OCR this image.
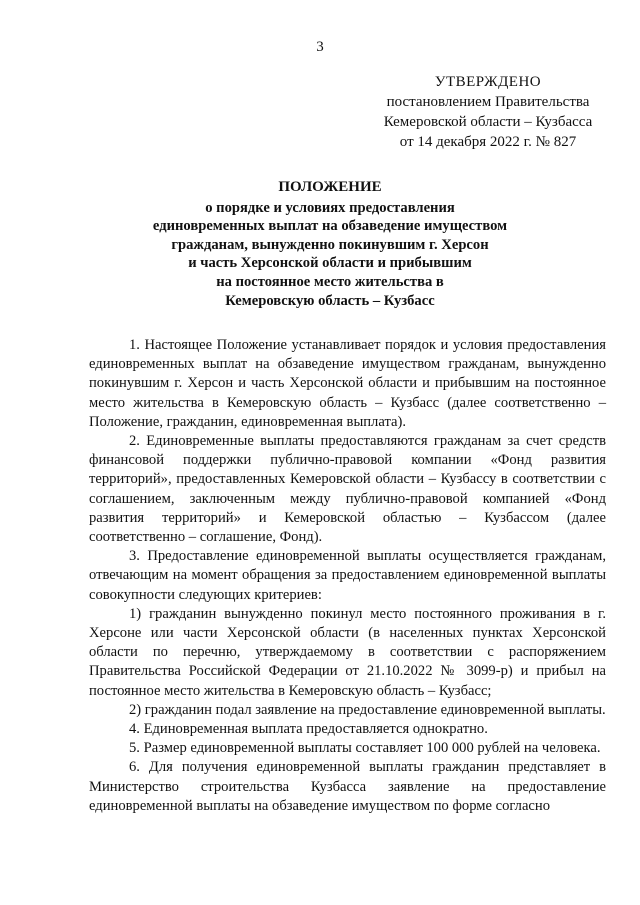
3
УТВЕРЖДЕНО
постановлением Правительства
Кемеровской области – Кузбасса
от 14 декабря 2022 г. № 827
ПОЛОЖЕНИЕ
о порядке и условиях предоставления
единовременных выплат на обзаведение имуществом
гражданам, вынужденно покинувшим г. Херсон
и часть Херсонской области и прибывшим
на постоянное место жительства в
Кемеровскую область – Кузбасс

1. Настоящее Положение устанавливает порядок и условия предоставления единовременных выплат на обзаведение имуществом гражданам, вынужденно покинувшим г. Херсон и часть Херсонской области и прибывшим на постоянное место жительства в Кемеровскую область – Кузбасс (далее соответственно – Положение, гражданин, единовременная выплата).

2. Единовременные выплаты предоставляются гражданам за счет средств финансовой поддержки публично-правовой компании «Фонд развития территорий», предоставленных Кемеровской области – Кузбассу в соответствии с соглашением, заключенным между публично-правовой компанией «Фонд развития территорий» и Кемеровской областью – Кузбассом (далее соответственно – соглашение, Фонд).

3. Предоставление единовременной выплаты осуществляется гражданам, отвечающим на момент обращения за предоставлением единовременной выплаты совокупности следующих критериев:

1) гражданин вынужденно покинул место постоянного проживания в г. Херсоне или части Херсонской области (в населенных пунктах Херсонской области по перечню, утверждаемому в соответствии с распоряжением Правительства Российской Федерации от 21.10.2022 № 3099-р) и прибыл на постоянное место жительства в Кемеровскую область – Кузбасс;

2) гражданин подал заявление на предоставление единовременной выплаты.

4. Единовременная выплата предоставляется однократно.

5. Размер единовременной выплаты составляет 100 000 рублей на человека.

6. Для получения единовременной выплаты гражданин представляет в Министерство строительства Кузбасса заявление на предоставление единовременной выплаты на обзаведение имуществом по форме согласно
